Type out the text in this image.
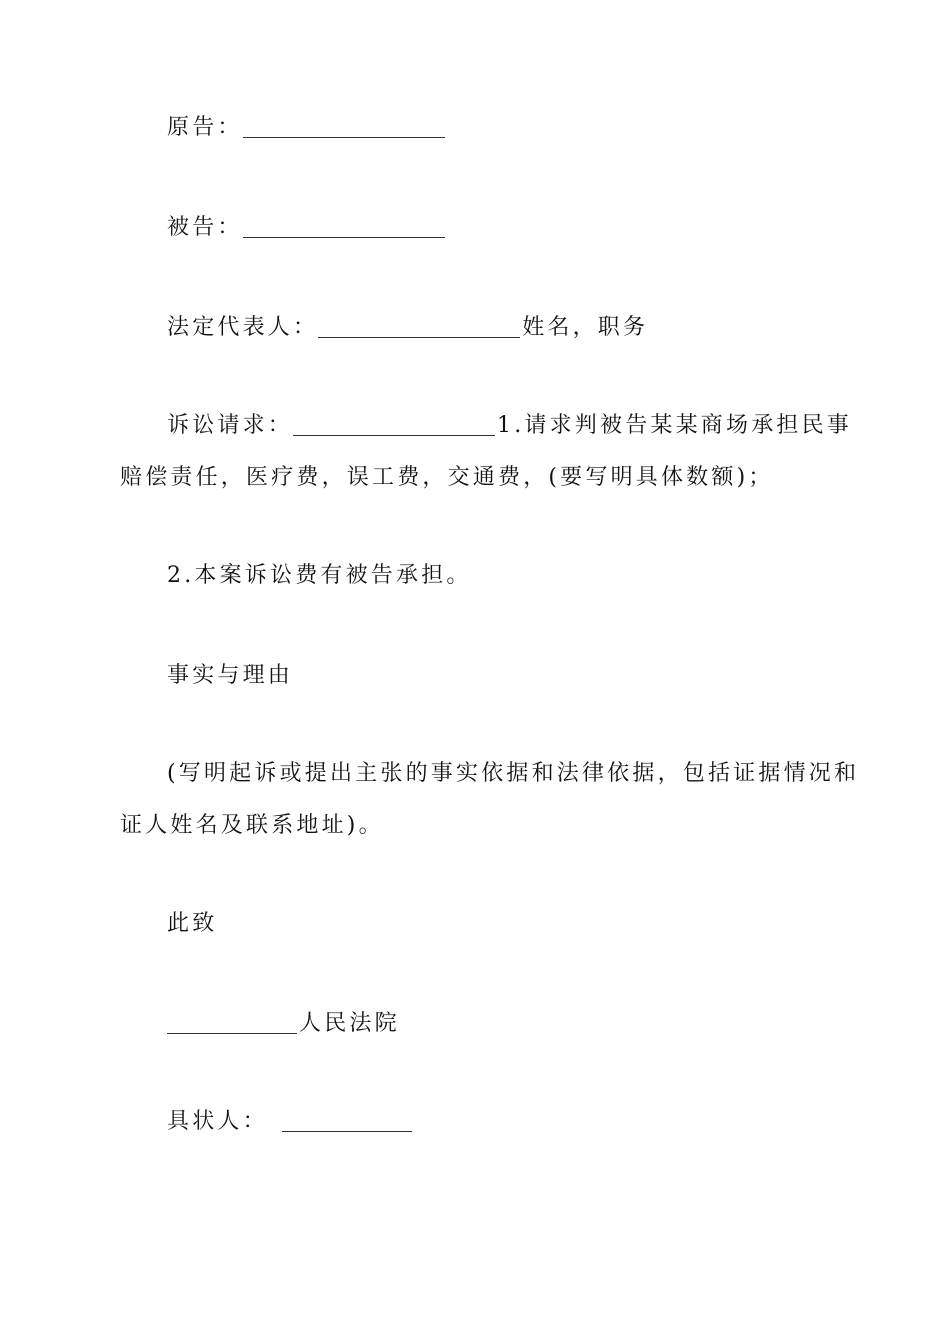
原告：
被告：
法定代表人：	姓名，职务
诉讼请求：	1.请求判被告某某商场承担民事
赔偿责任，医疗费，误工费，交通费，(要写明具体数额)；
2.本案诉讼费有被告承担。
事实与理由
(写明起诉或提出主张的事实依据和法律依据，包括证据情况和
证人姓名及联系地址)。
此致
人民法院
具状人：
